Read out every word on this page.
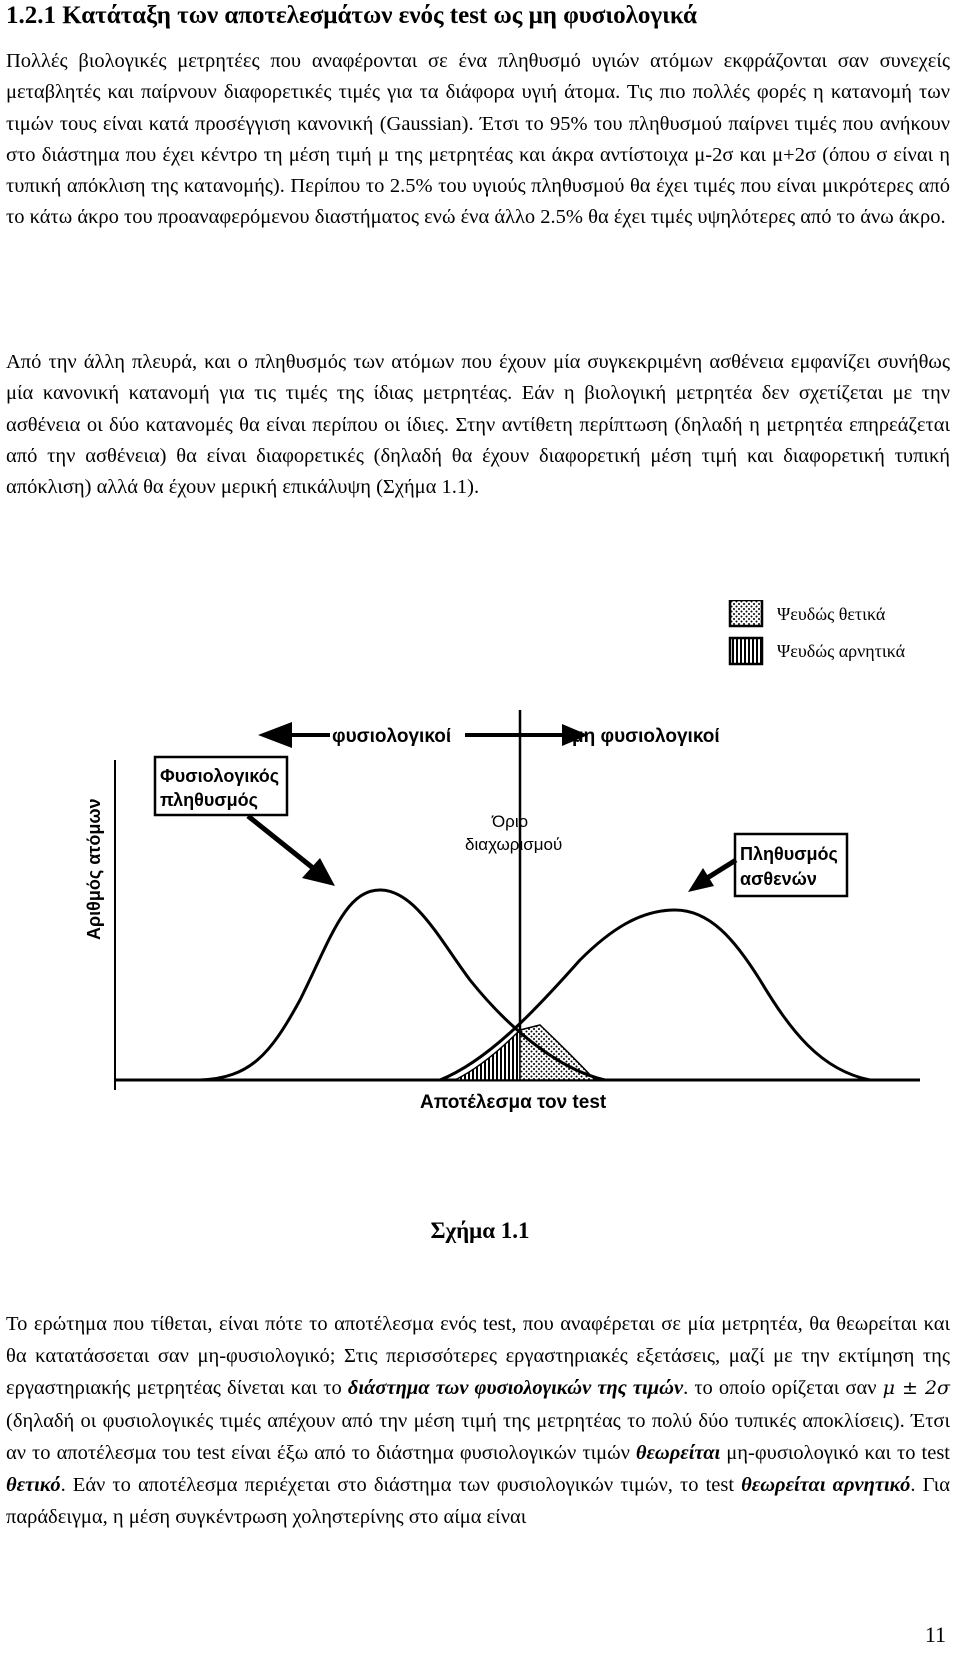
1.2.1 Κατάταξη των αποτελεσμάτων ενός test ως μη φυσιολογικά
Πολλές βιολογικές μετρητέες που αναφέρονται σε ένα πληθυσμό υγιών ατόμων εκφράζονται σαν συνεχείς μεταβλητές και παίρνουν διαφορετικές τιμές για τα διάφορα υγιή άτομα. Τις πιο πολλές φορές η κατανομή των τιμών τους είναι κατά προσέγγιση κανονική (Gaussian). Έτσι το 95% του πληθυσμού παίρνει τιμές που ανήκουν στο διάστημα που έχει κέντρο τη μέση τιμή μ της μετρητέας και άκρα αντίστοιχα μ-2σ και μ+2σ (όπου σ είναι η τυπική απόκλιση της κατανομής). Περίπου το 2.5% του υγιούς πληθυσμού θα έχει τιμές που είναι μικρότερες από το κάτω άκρο του προαναφερόμενου διαστήματος ενώ ένα άλλο 2.5% θα έχει τιμές υψηλότερες από το άνω άκρο.
Από την άλλη πλευρά, και ο πληθυσμός των ατόμων που έχουν μία συγκεκριμένη ασθένεια εμφανίζει συνήθως μία κανονική κατανομή για τις τιμές της ίδιας μετρητέας. Εάν η βιολογική μετρητέα δεν σχετίζεται με την ασθένεια οι δύο κατανομές θα είναι περίπου οι ίδιες. Στην αντίθετη περίπτωση (δηλαδή η μετρητέα επηρεάζεται από την ασθένεια) θα είναι διαφορετικές (δηλαδή θα έχουν διαφορετική μέση τιμή και διαφορετική τυπική απόκλιση) αλλά θα έχουν μερική επικάλυψη (Σχήμα 1.1).
Ψευδώς θετικά
Ψευδώς αρνητικά
φυσιολογικοί	μη φυσιολογικοί
Όριο
διαχωρισμού
Φυσιολογικός
πληθυσμός
Πληθυσμός
ασθενών
Αριθμός ατόμων
Αποτέλεσμα τον test
Σχήμα 1.1
Το ερώτημα που τίθεται, είναι πότε το αποτέλεσμα ενός test, που αναφέρεται σε μία μετρητέα, θα θεωρείται και θα κατατάσσεται σαν μη-φυσιολογικό; Στις περισσότερες εργαστηριακές εξετάσεις, μαζί με την εκτίμηση της εργαστηριακής μετρητέας δίνεται και το διάστημα των φυσιολογικών της τιμών. το οποίο ορίζεται σαν μ ± 2σ (δηλαδή οι φυσιολογικές τιμές απέχουν από την μέση τιμή της μετρητέας το πολύ δύο τυπικές αποκλίσεις). Έτσι αν το αποτέλεσμα του test είναι έξω από το διάστημα φυσιολογικών τιμών θεωρείται μη-φυσιολογικό και το test θετικό. Εάν το αποτέλεσμα περιέχεται στο διάστημα των φυσιολογικών τιμών, το test θεωρείται αρνητικό. Για παράδειγμα, η μέση συγκέντρωση χοληστερίνης στο αίμα είναι
11
